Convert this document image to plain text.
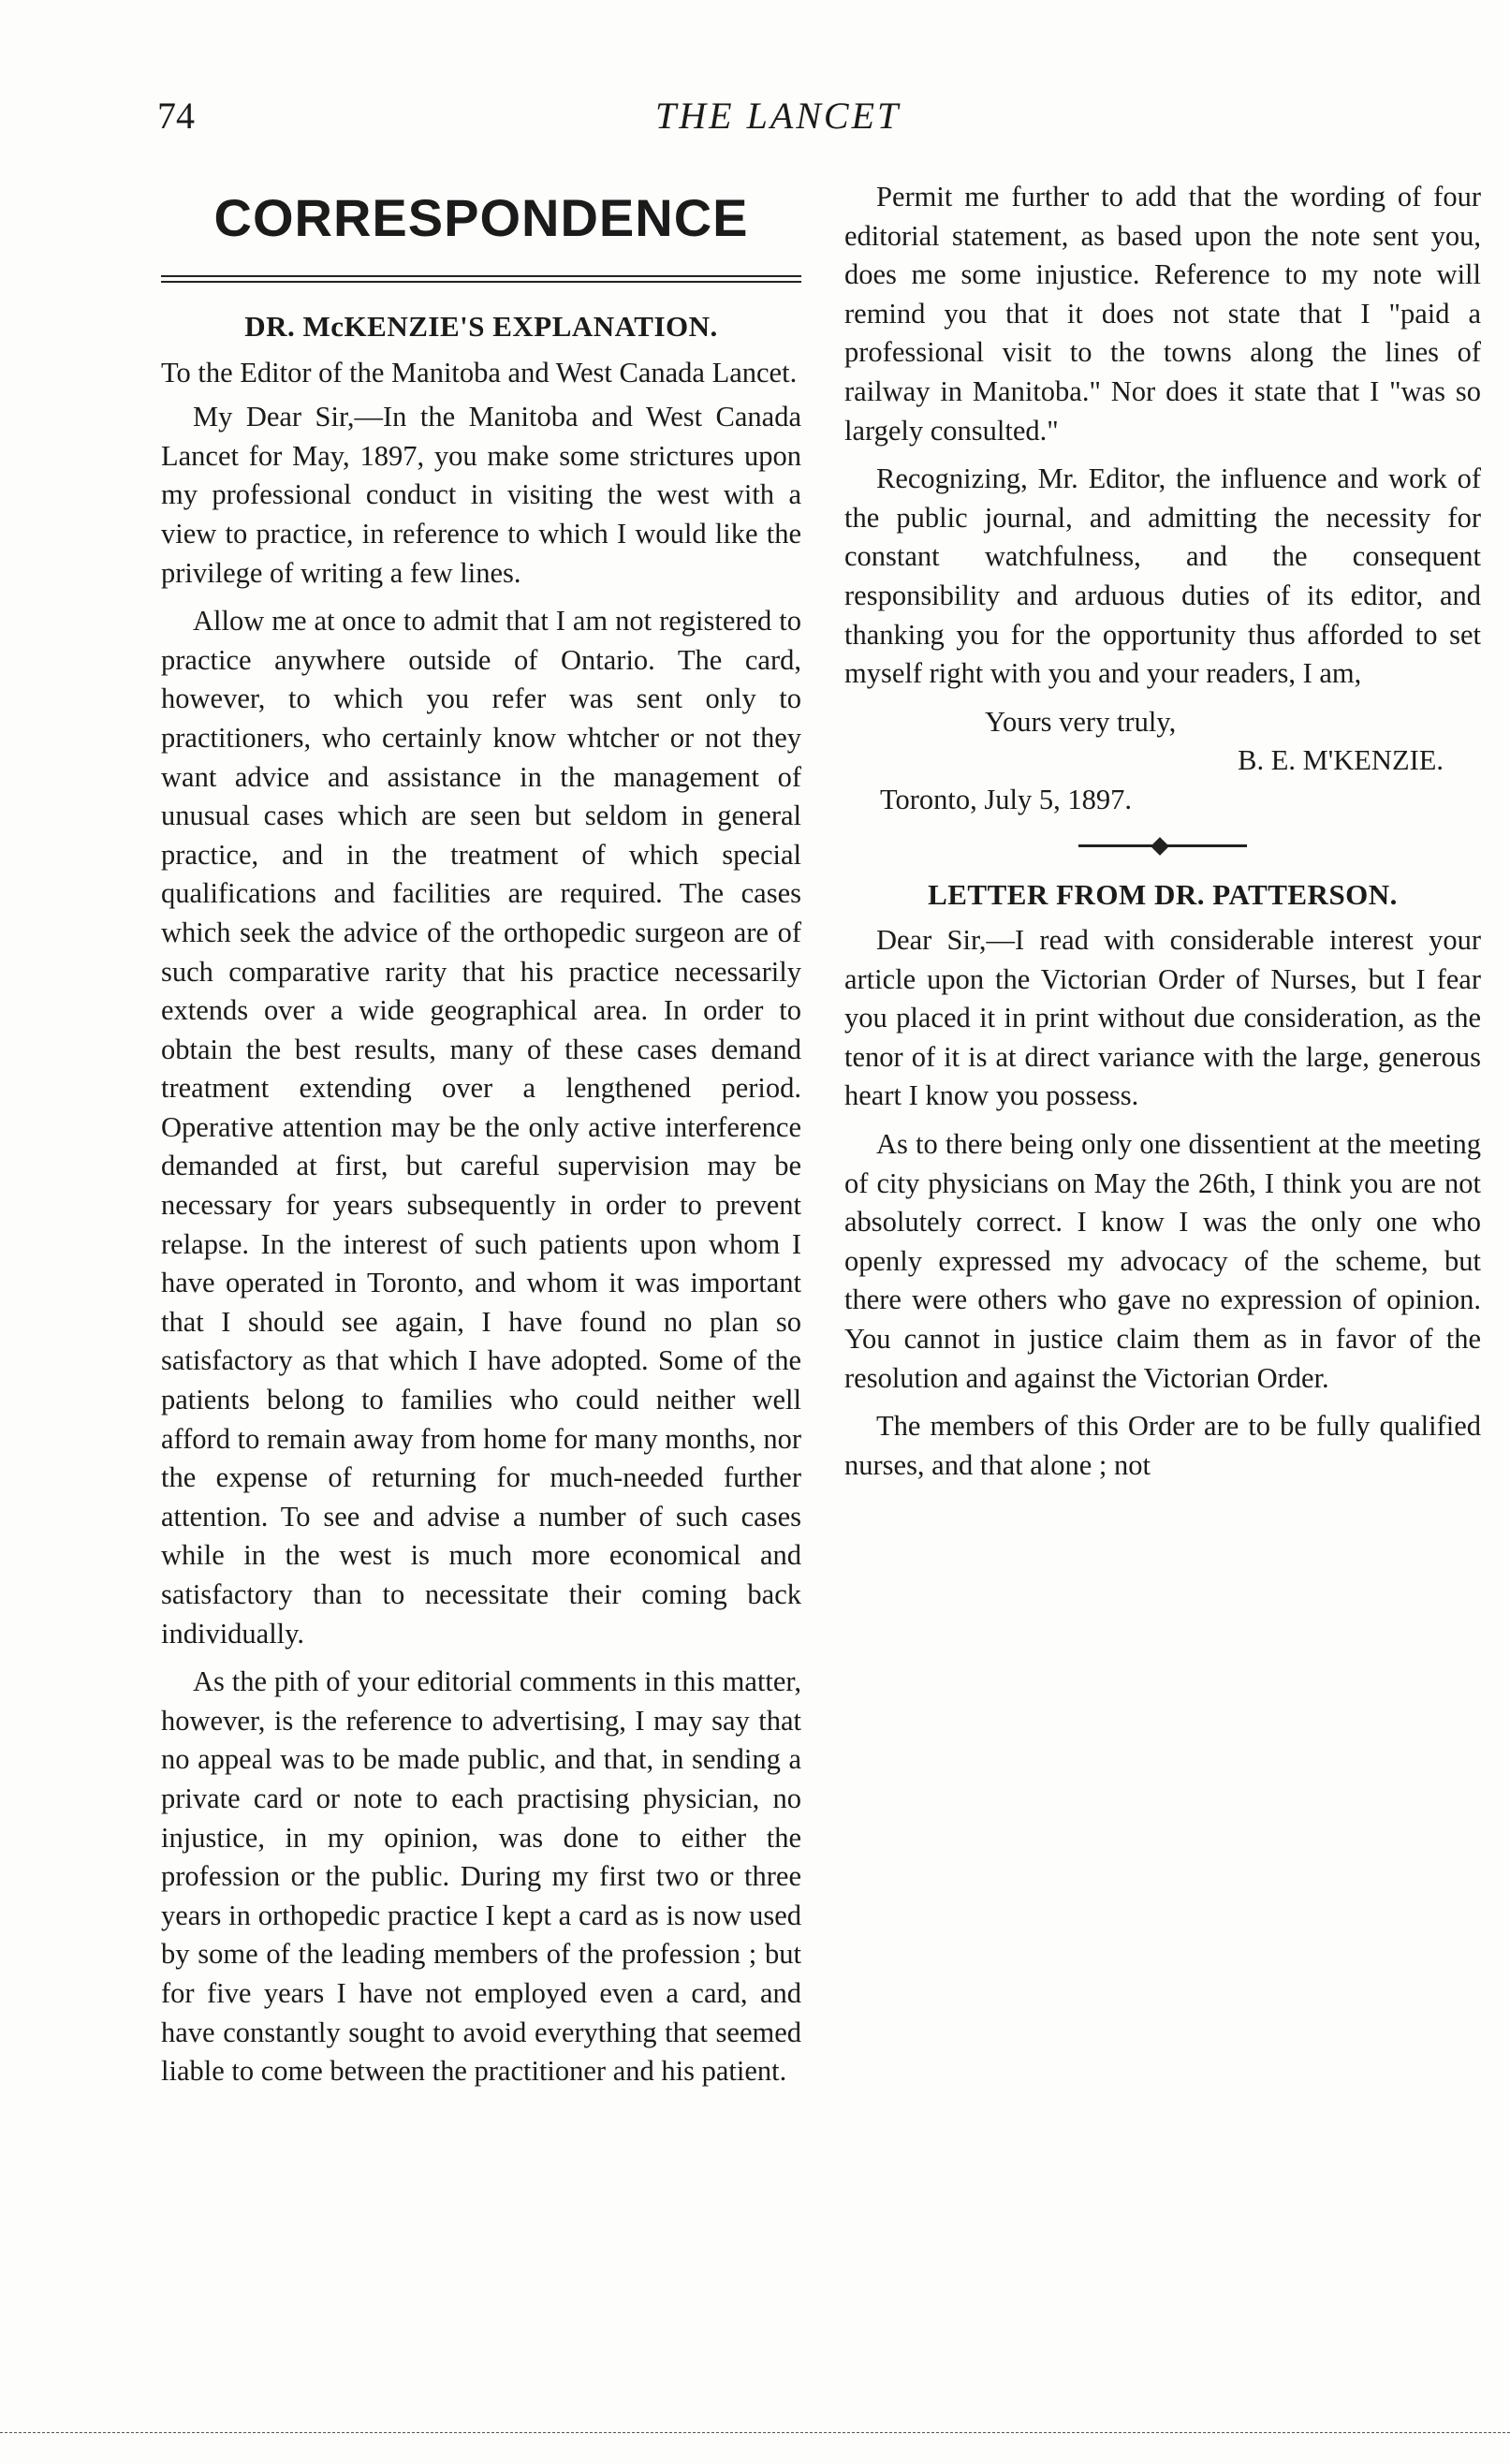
74	THE LANCET
CORRESPONDENCE
DR. McKENZIE'S EXPLANATION.

To the Editor of the Manitoba and West Canada Lancet.

My Dear Sir,—In the Manitoba and West Canada Lancet for May, 1897, you make some strictures upon my professional conduct in visiting the west with a view to practice, in reference to which I would like the privilege of writing a few lines.

Allow me at once to admit that I am not registered to practice anywhere outside of Ontario. The card, however, to which you refer was sent only to practitioners, who certainly know whtcher or not they want advice and assistance in the management of unusual cases which are seen but seldom in general practice, and in the treatment of which special qualifications and facilities are required. The cases which seek the advice of the orthopedic surgeon are of such comparative rarity that his practice necessarily extends over a wide geographical area. In order to obtain the best results, many of these cases demand treatment extending over a lengthened period. Operative attention may be the only active interference demanded at first, but careful supervision may be necessary for years subsequently in order to prevent relapse. In the interest of such patients upon whom I have operated in Toronto, and whom it was important that I should see again, I have found no plan so satisfactory as that which I have adopted. Some of the patients belong to families who could neither well afford to remain away from home for many months, nor the expense of returning for much-needed further attention. To see and advise a number of such cases while in the west is much more economical and satisfactory than to necessitate their coming back individually.

As the pith of your editorial comments in this matter, however, is the reference to advertising, I may say that no appeal was to be made public, and that, in sending a private card or note to each practising physician, no injustice, in my opinion, was done to either the profession or the public. During my first two or three years in orthopedic practice I kept a card as is now used by some of the leading members of the profession ; but for five years I have not employed even a card, and have constantly sought to avoid everything that seemed liable to come between the practitioner and his patient.

Permit me further to add that the wording of four editorial statement, as based upon the note sent you, does me some injustice. Reference to my note will remind you that it does not state that I "paid a professional visit to the towns along the lines of railway in Manitoba." Nor does it state that I "was so largely consulted."

Recognizing, Mr. Editor, the influence and work of the public journal, and admitting the necessity for constant watchfulness, and the consequent responsibility and arduous duties of its editor, and thanking you for the opportunity thus afforded to set myself right with you and your readers, I am,

Yours very truly,

B. E. M'KENZIE.

Toronto, July 5, 1897.

LETTER FROM DR. PATTERSON.

Dear Sir,—I read with considerable interest your article upon the Victorian Order of Nurses, but I fear you placed it in print without due consideration, as the tenor of it is at direct variance with the large, generous heart I know you possess.

As to there being only one dissentient at the meeting of city physicians on May the 26th, I think you are not absolutely correct. I know I was the only one who openly expressed my advocacy of the scheme, but there were others who gave no expression of opinion. You cannot in justice claim them as in favor of the resolution and against the Victorian Order.

The members of this Order are to be fully qualified nurses, and that alone ; not
